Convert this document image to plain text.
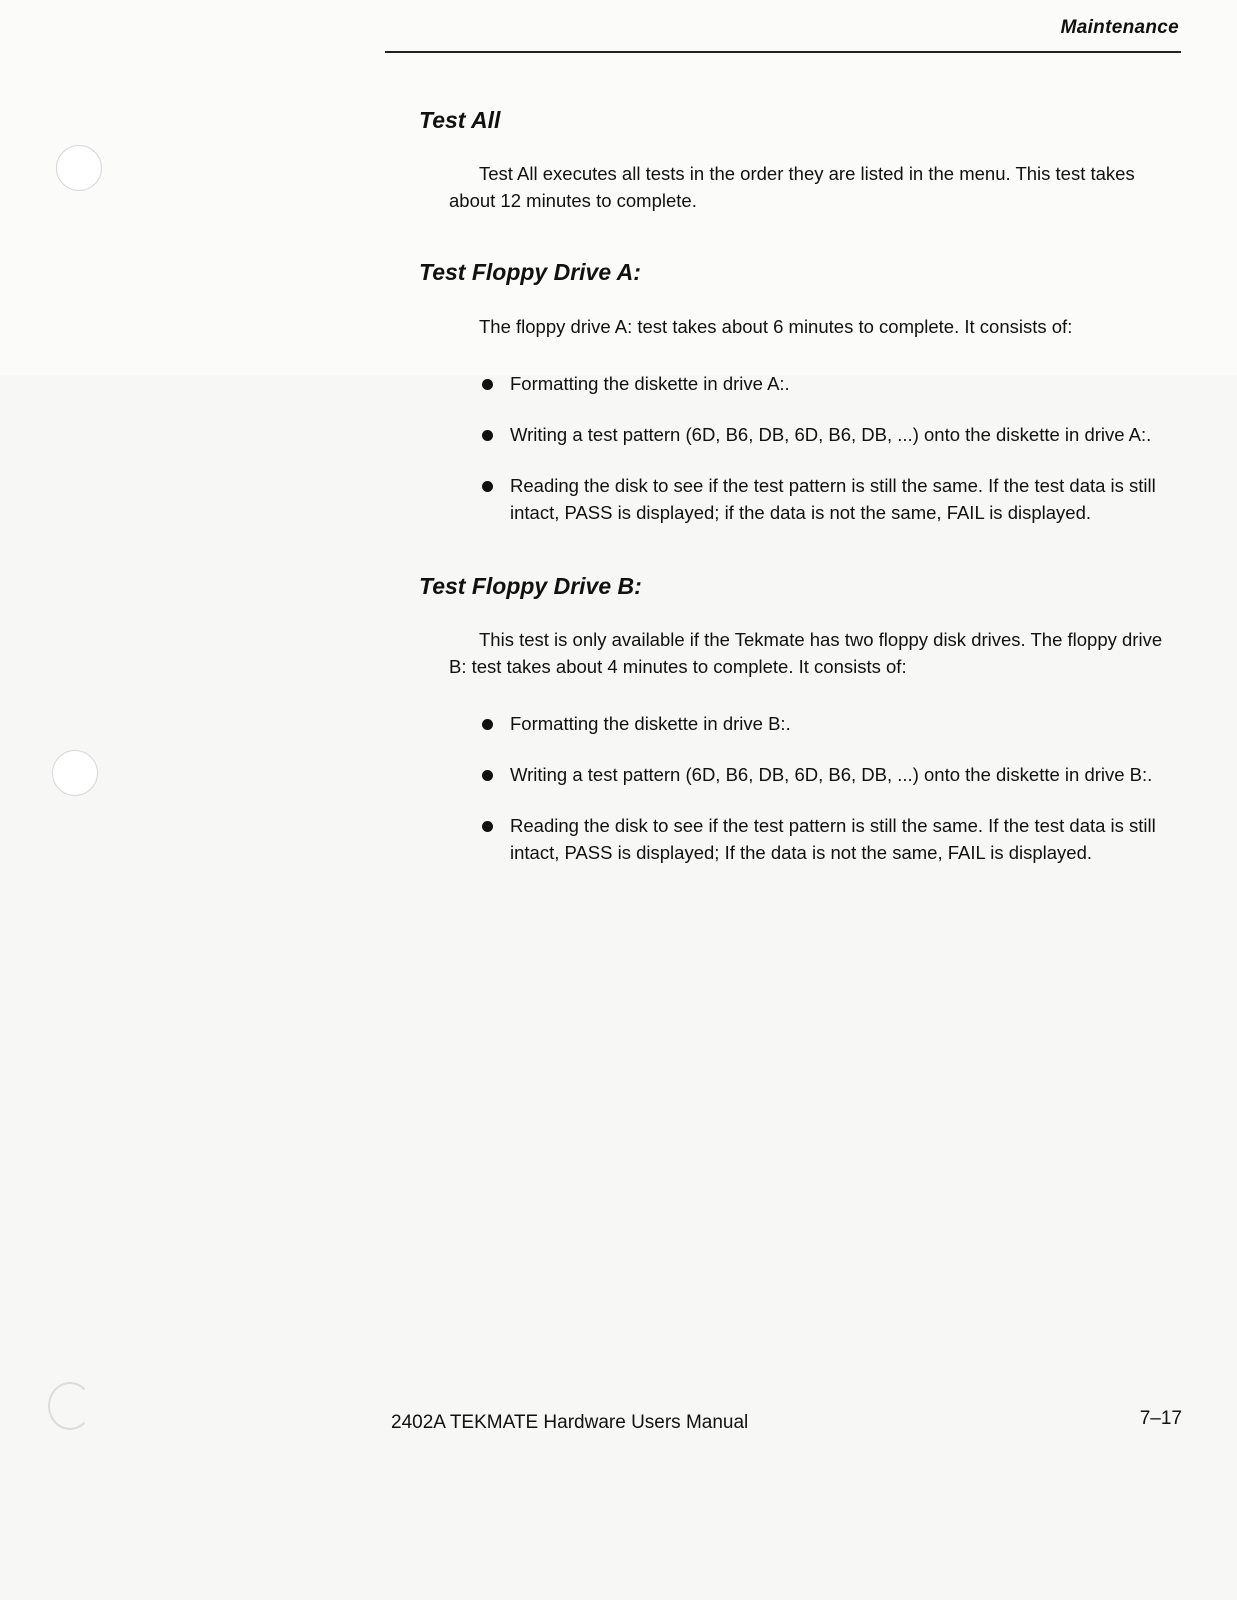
Maintenance
Test All

Test All executes all tests in the order they are listed in the menu. This test takes about 12 minutes to complete.

Test Floppy Drive A:

The floppy drive A: test takes about 6 minutes to complete. It consists of:

Formatting the diskette in drive A:.
Writing a test pattern (6D, B6, DB, 6D, B6, DB, ...) onto the diskette in drive A:.
Reading the disk to see if the test pattern is still the same. If the test data is still intact, PASS is displayed; if the data is not the same, FAIL is displayed.
Test Floppy Drive B:

This test is only available if the Tekmate has two floppy disk drives. The floppy drive B: test takes about 4 minutes to complete. It consists of:

Formatting the diskette in drive B:.
Writing a test pattern (6D, B6, DB, 6D, B6, DB, ...) onto the diskette in drive B:.
Reading the disk to see if the test pattern is still the same. If the test data is still intact, PASS is displayed; If the data is not the same, FAIL is displayed.
2402A TEKMATE Hardware Users Manual	7–17
